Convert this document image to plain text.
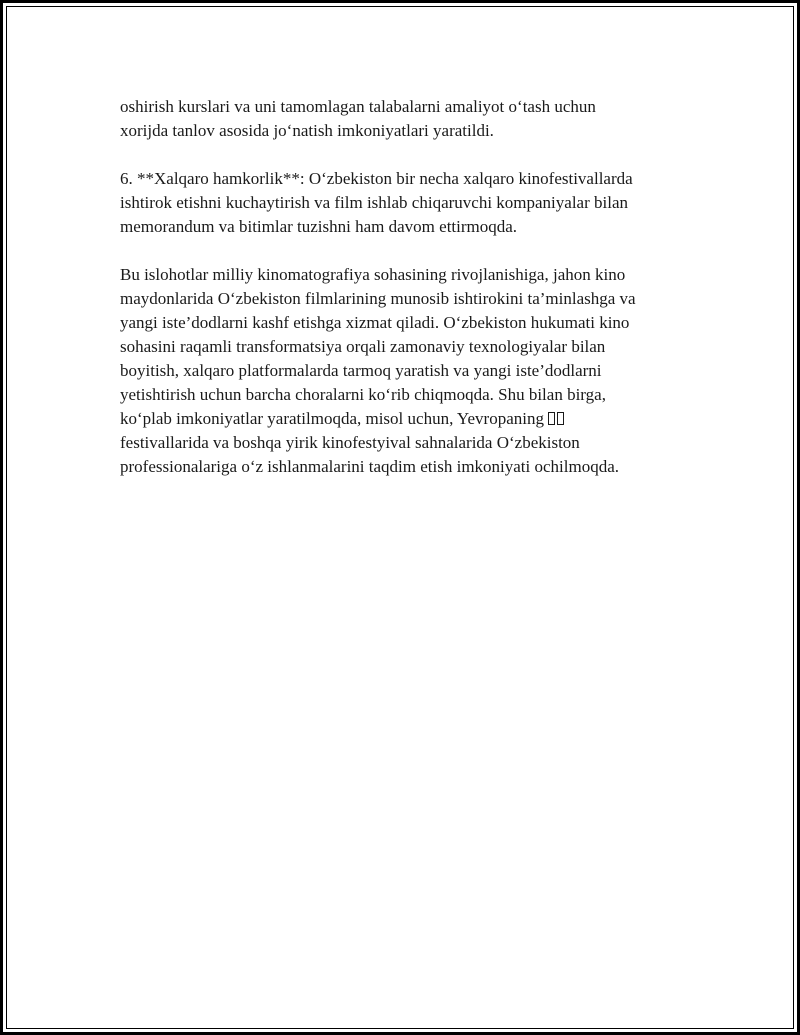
oshirish kurslari va uni tamomlagan talabalarni amaliyot o‘tash uchun
xorijda tanlov asosida jo‘natish imkoniyatlari yaratildi.

6. **Xalqaro hamkorlik**: O‘zbekiston bir necha xalqaro kinofestivallarda
ishtirok etishni kuchaytirish va film ishlab chiqaruvchi kompaniyalar bilan
memorandum va bitimlar tuzishni ham davom ettirmoqda.

Bu islohotlar milliy kinomatografiya sohasining rivojlanishiga, jahon kino
maydonlarida O‘zbekiston filmlarining munosib ishtirokini ta’minlashga va
yangi iste’dodlarni kashf etishga xizmat qiladi. O‘zbekiston hukumati kino
sohasini raqamli transformatsiya orqali zamonaviy texnologiyalar bilan
boyitish, xalqaro platformalarda tarmoq yaratish va yangi iste’dodlarni
yetishtirish uchun barcha choralarni ko‘rib chiqmoqda. Shu bilan birga,
ko‘plab imkoniyatlar yaratilmoqda, misol uchun, Yevropaning
festivallarida va boshqa yirik kinofestyival sahnalarida O‘zbekiston
professionalariga o‘z ishlanmalarini taqdim etish imkoniyati ochilmoqda.
